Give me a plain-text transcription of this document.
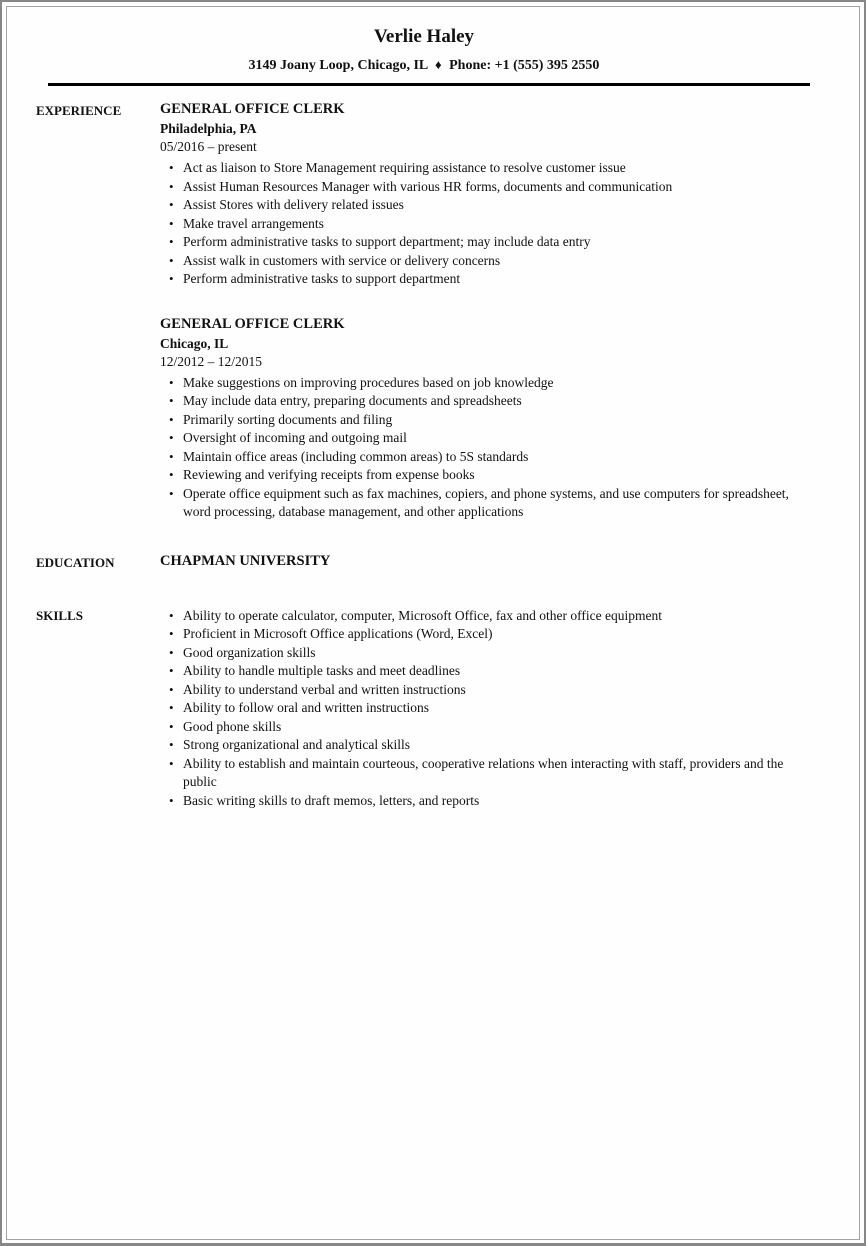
Verlie Haley
3149 Joany Loop, Chicago, IL ♦ Phone: +1 (555) 395 2550
EXPERIENCE	GENERAL OFFICE CLERK
Philadelphia, PA
05/2016 – present
• Act as liaison to Store Management requiring assistance to resolve customer issue
• Assist Human Resources Manager with various HR forms, documents and communication
• Assist Stores with delivery related issues
• Make travel arrangements
• Perform administrative tasks to support department; may include data entry
• Assist walk in customers with service or delivery concerns
• Perform administrative tasks to support department
GENERAL OFFICE CLERK
Chicago, IL
12/2012 – 12/2015
• Make suggestions on improving procedures based on job knowledge
• May include data entry, preparing documents and spreadsheets
• Primarily sorting documents and filing
• Oversight of incoming and outgoing mail
• Maintain office areas (including common areas) to 5S standards
• Reviewing and verifying receipts from expense books
• Operate office equipment such as fax machines, copiers, and phone systems, and use computers for spreadsheet, word processing, database management, and other applications
EDUCATION	CHAPMAN UNIVERSITY
SKILLS	• Ability to operate calculator, computer, Microsoft Office, fax and other office equipment
• Proficient in Microsoft Office applications (Word, Excel)
• Good organization skills
• Ability to handle multiple tasks and meet deadlines
• Ability to understand verbal and written instructions
• Ability to follow oral and written instructions
• Good phone skills
• Strong organizational and analytical skills
• Ability to establish and maintain courteous, cooperative relations when interacting with staff, providers and the public
• Basic writing skills to draft memos, letters, and reports
